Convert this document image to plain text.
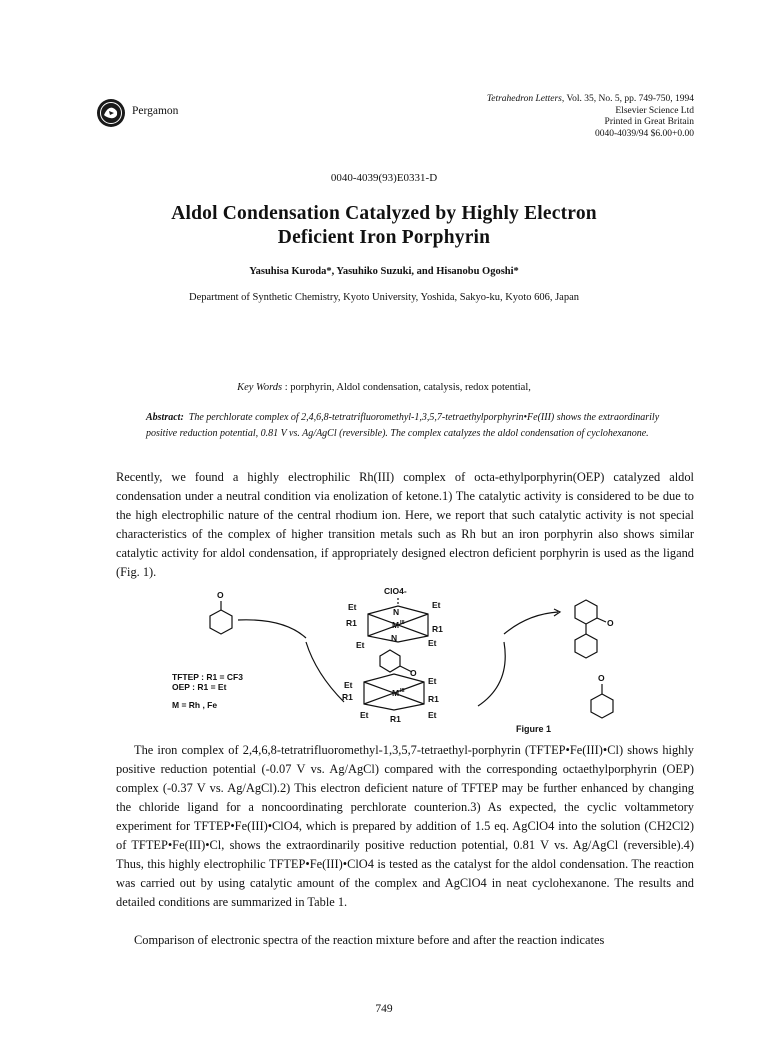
Pergamon
Tetrahedron Letters, Vol. 35, No. 5, pp. 749-750, 1994
Elsevier Science Ltd
Printed in Great Britain
0040-4039/94 $6.00+0.00
0040-4039(93)E0331-D
Aldol Condensation Catalyzed by Highly Electron
Deficient Iron Porphyrin
Yasuhisa Kuroda*, Yasuhiko Suzuki, and Hisanobu Ogoshi*
Department of Synthetic Chemistry, Kyoto University, Yoshida, Sakyo-ku, Kyoto 606, Japan
Key Words : porphyrin, Aldol condensation, catalysis, redox potential,
Abstract: The perchlorate complex of 2,4,6,8-tetratrifluoromethyl-1,3,5,7-tetraethylporphyrin•Fe(III) shows the extraordinarily positive reduction potential, 0.81 V vs. Ag/AgCl (reversible). The complex catalyzes the aldol condensation of cyclohexanone.
Recently, we found a highly electrophilic Rh(III) complex of octa-ethylporphyrin(OEP) catalyzed aldol condensation under a neutral condition via enolization of ketone.1) The catalytic activity is considered to be due to the high electrophilic nature of the central rhodium ion. Here, we report that such catalytic activity is not special characteristics of the complex of higher transition metals such as Rh but an iron porphyrin also shows similar catalytic activity for aldol condensation, if appropriately designed electron deficient porphyrin is used as the ligand (Fig. 1).
O	ClO4-
Et	Et
R1
R1
N
M III
N
Et	Et
O
Et	Et
R1	R1
M III
Et	Et
R1
O
O
TFTEP : R1 = CF3
OEP : R1 = Et
M = Rh , Fe
Figure 1
The iron complex of 2,4,6,8-tetratrifluoromethyl-1,3,5,7-tetraethyl-porphyrin (TFTEP•Fe(III)•Cl) shows highly positive reduction potential (-0.07 V vs. Ag/AgCl) compared with the corresponding octaethylporphyrin (OEP) complex (-0.37 V vs. Ag/AgCl).2) This electron deficient nature of TFTEP may be further enhanced by changing the chloride ligand for a noncoordinating perchlorate counterion.3) As expected, the cyclic voltammetory experiment for TFTEP•Fe(III)•ClO4, which is prepared by addition of 1.5 eq. AgClO4 into the solution (CH2Cl2) of TFTEP•Fe(III)•Cl, shows the extraordinarily positive reduction potential, 0.81 V vs. Ag/AgCl (reversible).4) Thus, this highly electrophilic TFTEP•Fe(III)•ClO4 is tested as the catalyst for the aldol condensation. The reaction was carried out by using catalytic amount of the complex and AgClO4 in neat cyclohexanone. The results and detailed conditions are summarized in Table 1.
Comparison of electronic spectra of the reaction mixture before and after the reaction indicates
749
